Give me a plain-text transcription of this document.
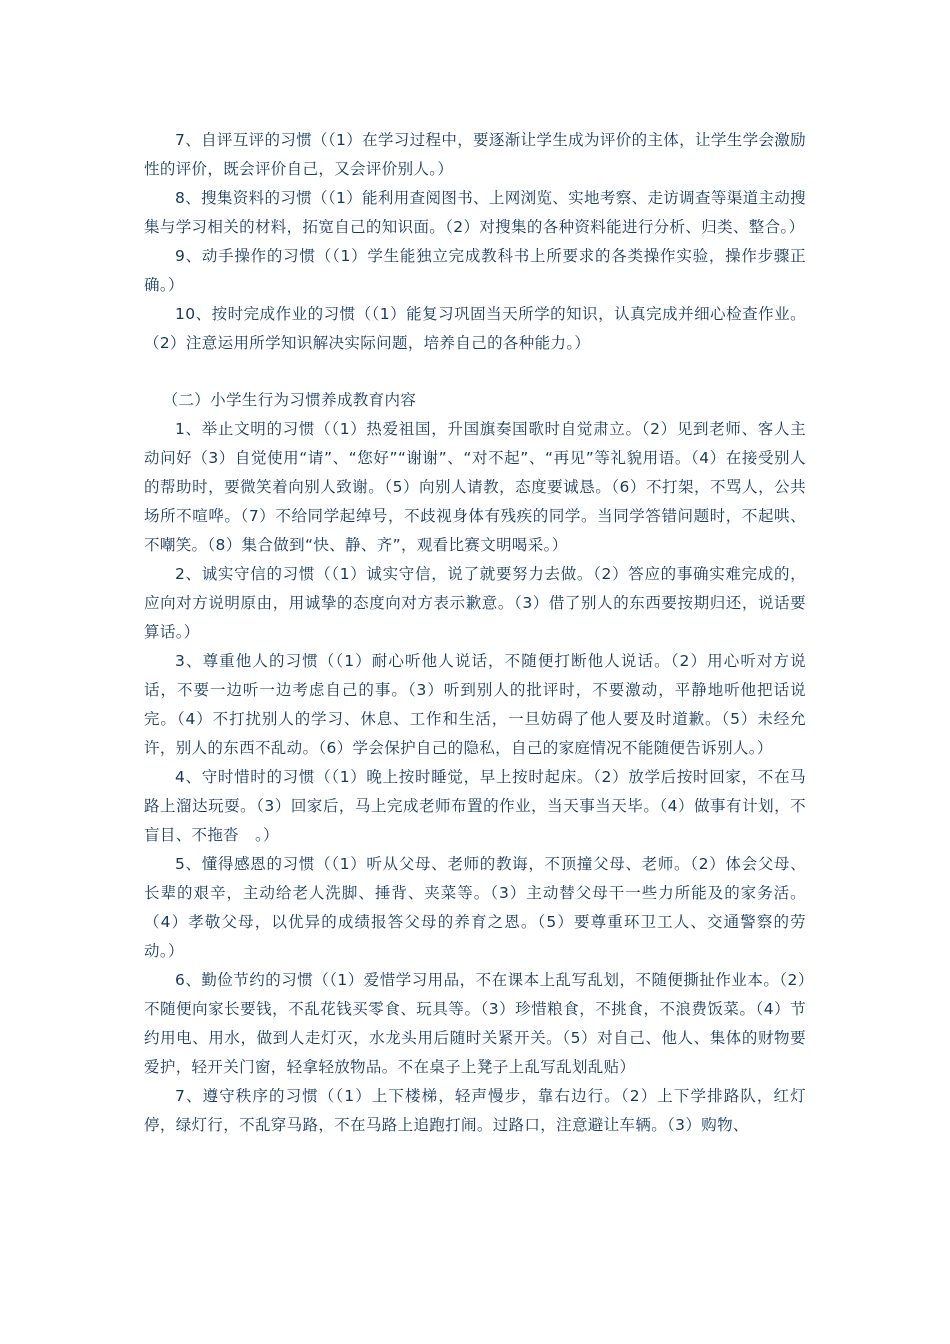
7、自评互评的习惯（（1）在学习过程中，要逐渐让学生成为评价的主体，让学生学会激励性的评价，既会评价自己，又会评价别人。）

8、搜集资料的习惯（（1）能利用查阅图书、上网浏览、实地考察、走访调查等渠道主动搜集与学习相关的材料，拓宽自己的知识面。（2）对搜集的各种资料能进行分析、归类、整合。）

9、动手操作的习惯（（1）学生能独立完成教科书上所要求的各类操作实验，操作步骤正确。）

10、按时完成作业的习惯（（1）能复习巩固当天所学的知识，认真完成并细心检查作业。（2）注意运用所学知识解决实际问题，培养自己的各种能力。）

（二）小学生行为习惯养成教育内容

1、举止文明的习惯（（1）热爱祖国，升国旗奏国歌时自觉肃立。（2）见到老师、客人主动问好（3）自觉使用“请”、“您好”“谢谢”、“对不起”、“再见”等礼貌用语。（4）在接受别人的帮助时，要微笑着向别人致谢。（5）向别人请教，态度要诚恳。（6）不打架，不骂人，公共场所不喧哗。（7）不给同学起绰号，不歧视身体有残疾的同学。当同学答错问题时，不起哄、不嘲笑。（8）集合做到“快、静、齐”，观看比赛文明喝采。）

2、诚实守信的习惯（（1）诚实守信，说了就要努力去做。（2）答应的事确实难完成的，应向对方说明原由，用诚挚的态度向对方表示歉意。（3）借了别人的东西要按期归还，说话要算话。）

3、尊重他人的习惯（（1）耐心听他人说话，不随便打断他人说话。（2）用心听对方说话，不要一边听一边考虑自己的事。（3）听到别人的批评时，不要激动，平静地听他把话说完。（4）不打扰别人的学习、休息、工作和生活，一旦妨碍了他人要及时道歉。（5）未经允许，别人的东西不乱动。（6）学会保护自己的隐私，自己的家庭情况不能随便告诉别人。）

4、守时惜时的习惯（（1）晚上按时睡觉，早上按时起床。（2）放学后按时回家，不在马路上溜达玩耍。（3）回家后，马上完成老师布置的作业，当天事当天毕。（4）做事有计划，不盲目、不拖沓　。）

5、懂得感恩的习惯（（1）听从父母、老师的教诲，不顶撞父母、老师。（2）体会父母、长辈的艰辛，主动给老人洗脚、捶背、夹菜等。（3）主动替父母干一些力所能及的家务活。（4）孝敬父母，以优异的成绩报答父母的养育之恩。（5）要尊重环卫工人、交通警察的劳动。）

6、勤俭节约的习惯（（1）爱惜学习用品，不在课本上乱写乱划，不随便撕扯作业本。（2）不随便向家长要钱，不乱花钱买零食、玩具等。（3）珍惜粮食，不挑食，不浪费饭菜。（4）节约用电、用水，做到人走灯灭，水龙头用后随时关紧开关。（5）对自己、他人、集体的财物要爱护，轻开关门窗，轻拿轻放物品。不在桌子上凳子上乱写乱划乱贴）

7、遵守秩序的习惯（（1）上下楼梯，轻声慢步，靠右边行。（2）上下学排路队，红灯停，绿灯行，不乱穿马路，不在马路上追跑打闹。过路口，注意避让车辆。（3）购物、
